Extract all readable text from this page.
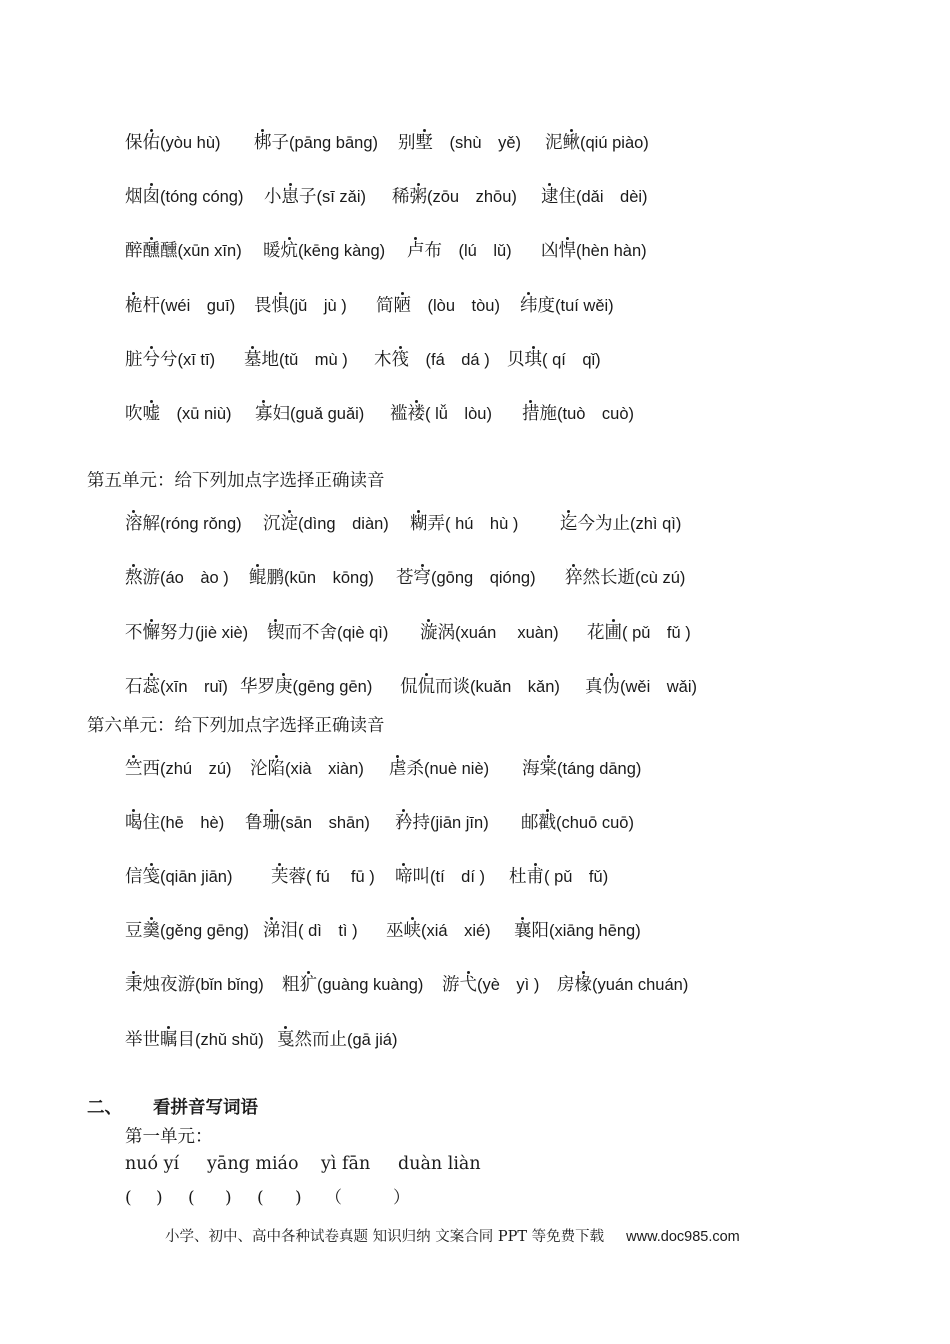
保佑(yòu hù) 梆子(pāng bāng) 别墅　(shù　yě) 泥鳅(qiú piào)
烟囱(tóng cóng) 小崽子(sī zǎi) 稀粥(zōu　zhōu) 逮住(dǎi　dèi)
醉醺醺(xūn xīn) 暖炕(kēng kàng) 卢布　(lú　lǔ) 凶悍(hèn hàn)
桅杆(wéi　guī) 畏惧(jǔ　jù ) 简陋　(lòu　tòu) 纬度(tuí wěi)
脏兮兮(xī tī) 墓地(tǔ　mù ) 木筏　(fá　dá ) 贝琪( qí　qǐ)
吹嘘　(xū niù) 寡妇(guǎ guǎi) 褴褛( lǚ　lòu) 措施(tuò　cuò)
第五单元：给下列加点字选择正确读音
溶解(róng rǒng) 沉淀(dìng　diàn) 糊弄( hú　hù ) 迄今为止(zhì qì)
熬游(áo　ào ) 鲲鹏(kūn　kōng) 苍穹(gōng　qióng) 猝然长逝(cù zú)
不懈努力(jiè xiè) 锲而不舍(qiè qì) 漩涡(xuán　 xuàn) 花圃( pǔ　fǔ )
石蕊(xīn　ruǐ) 华罗庚(gēng gēn) 侃侃而谈(kuǎn　kǎn) 真伪(wěi　wǎi)
第六单元：给下列加点字选择正确读音
竺西(zhú　zú) 沦陷(xià　xiàn) 虐杀(nuè niè) 海棠(táng dāng)
喝住(hē　hè) 鲁珊(sān　shān) 矜持(jiān jīn) 邮戳(chuō cuō)
信笺(qiān jiān) 芙蓉( fú　 fū ) 啼叫(tí　dí ) 杜甫( pǔ　fǔ)
豆羹(gěng gēng) 涕泪( dì　tì ) 巫峡(xiá　xié) 襄阳(xiāng hēng)
秉烛夜游(bǐn bǐng) 粗犷(guàng kuàng) 游弋(yè　yì ) 房椽(yuán chuán)
举世瞩目(zhǔ shǔ) 戛然而止(gā jiá)
二、 看拼音写词语
第一单元：
nuó yí yāng miáo yì fān duàn liàn
( ) ( ) ( ) （	）
小学、初中、高中各种试卷真题 知识归纳 文案合同 PPT 等免费下载 www.doc985.com
